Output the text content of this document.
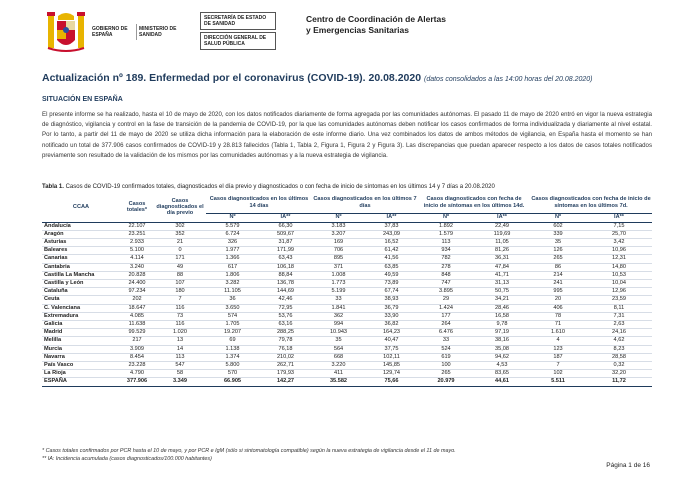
GOBIERNO DE ESPAÑA
MINISTERIO DE SANIDAD
SECRETARÍA DE ESTADO DE SANIDAD
DIRECCIÓN GENERAL DE SALUD PÚBLICA
Centro de Coordinación de Alertas
y Emergencias Sanitarias
Actualización nº 189. Enfermedad por el coronavirus (COVID-19). 20.08.2020 (datos consolidados a las 14:00 horas del 20.08.2020)
SITUACIÓN EN ESPAÑA
El presente informe se ha realizado, hasta el 10 de mayo de 2020, con los datos notificados diariamente de forma agregada por las comunidades autónomas. El pasado 11 de mayo de 2020 entró en vigor la nueva estrategia de diagnóstico, vigilancia y control en la fase de transición de la pandemia de COVID-19, por la que las comunidades autónomas deben notificar los casos confirmados de forma individualizada y diariamente al nivel estatal. Por lo tanto, a partir del 11 de mayo de 2020 se utiliza dicha información para la elaboración de este informe diario. Una vez combinados los datos de ambos métodos de vigilancia, en España hasta el momento se han notificado un total de 377.906 casos confirmados de COVID-19 y 28.813 fallecidos (Tabla 1, Tabla 2, Figura 1, Figura 2 y Figura 3). Las discrepancias que puedan aparecer respecto a los datos de casos totales notificados previamente son resultado de la validación de los mismos por las comunidades autónomas y a la nueva estrategia de vigilancia.
Tabla 1. Casos de COVID-19 confirmados totales, diagnosticados el día previo y diagnosticados o con fecha de inicio de síntomas en los últimos 14 y 7 días a 20.08.2020
CCAA	Casos totales*	Casos diagnosticados el día previo	Casos diagnosticados en los últimos 14 días		Casos diagnosticados en los últimos 7 días		Casos diagnosticados con fecha de inicio de síntomas en los últimos 14d.		Casos diagnosticados con fecha de inicio de síntomas en los últimos 7d.	
			Nº	IA**	Nº	IA**	Nº	IA**	Nº	IA**
Andalucía	22.107	302	5.579	66,30	3.183	37,83	1.892	22,49	602	7,15
Aragón	23.251	352	6.724	509,67	3.207	243,09	1.579	119,69	339	25,70
Asturias	2.933	21	326	31,87	169	16,52	113	11,05	35	3,42
Baleares	5.100	0	1.977	171,99	706	61,42	934	81,26	126	10,96
Canarias	4.114	171	1.366	63,43	895	41,56	782	36,31	265	12,31
Cantabria	3.240	49	617	106,18	371	63,85	278	47,84	86	14,80
Castilla La Mancha	20.828	88	1.806	88,84	1.008	49,59	848	41,71	214	10,53
Castilla y León	24.400	107	3.282	136,78	1.773	73,89	747	31,13	241	10,04
Cataluña	97.234	180	11.105	144,69	5.199	67,74	3.895	50,75	995	12,96
Ceuta	202	7	36	42,46	33	38,93	29	34,21	20	23,59
C. Valenciana	18.647	116	3.650	72,95	1.841	36,79	1.424	28,46	406	8,11
Extremadura	4.085	73	574	53,76	362	33,90	177	16,58	78	7,31
Galicia	11.638	116	1.705	63,16	994	36,82	264	9,78	71	2,63
Madrid	99.529	1.020	19.207	288,25	10.943	164,23	6.476	97,19	1.610	24,16
Melilla	217	13	69	79,78	35	40,47	33	38,16	4	4,62
Murcia	3.909	14	1.138	76,18	564	37,75	524	35,08	123	8,23
Navarra	8.454	113	1.374	210,02	668	102,11	619	94,62	187	28,58
País Vasco	23.228	547	5.800	262,71	3.220	145,85	100	4,53	7	0,32
La Rioja	4.790	58	570	179,93	411	129,74	265	83,65	102	32,20
ESPAÑA	377.906	3.349	66.905	142,27	35.582	75,66	20.979	44,61	5.511	11,72
* Casos totales confirmados por PCR hasta el 10 de mayo, y por PCR e IgM (sólo si sintomatología compatible) según la nueva estrategia de vigilancia desde el 11 de mayo.
** IA: Incidencia acumulada (casos diagnosticados/100.000 habitantes)
Página 1 de 16
